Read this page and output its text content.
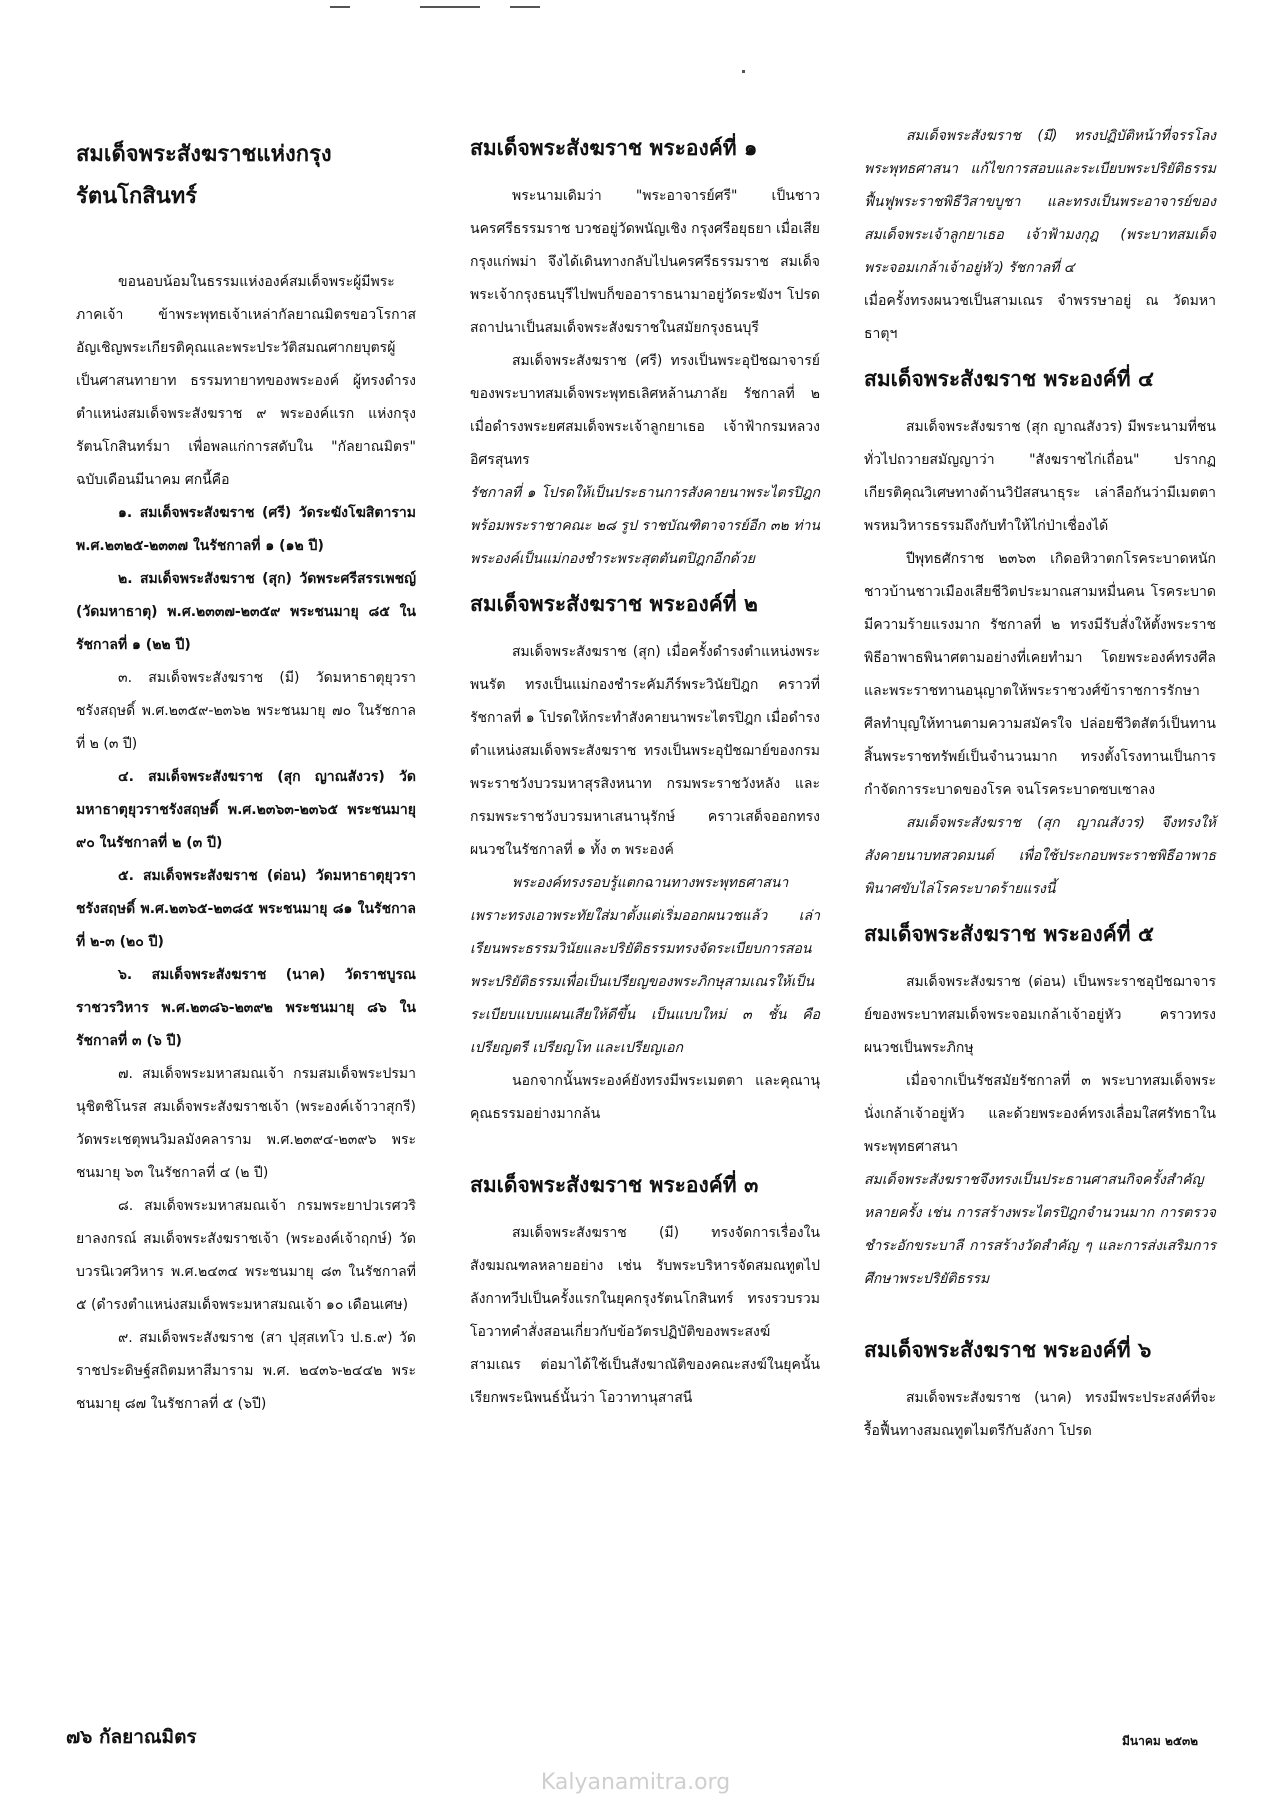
สมเด็จพระสังฆราชแห่งกรุงรัตนโกสินทร์

ขอนอบน้อมในธรรมแห่งองค์สมเด็จพระผู้มีพระภาคเจ้า ข้าพระพุทธเจ้าเหล่ากัลยาณมิตรขอวโรกาสอัญเชิญพระเกียรติคุณและพระประวัติสมณศากยบุตรผู้เป็นศาสนทายาท ธรรมทายาทของพระองค์ ผู้ทรงดำรงตำแหน่งสมเด็จพระสังฆราช ๙ พระองค์แรก แห่งกรุงรัตนโกสินทร์มา เพื่อพลแก่การสดับใน "กัลยาณมิตร" ฉบับเดือนมีนาคม ศกนี้คือ

๑. สมเด็จพระสังฆราช (ศรี) วัดระฆังโฆสิตาราม พ.ศ.๒๓๒๕-๒๓๓๗ ในรัชกาลที่ ๑ (๑๒ ปี)

๒. สมเด็จพระสังฆราช (สุก) วัดพระศรีสรรเพชญ์ (วัดมหาธาตุ) พ.ศ.๒๓๓๗-๒๓๕๙ พระชนมายุ ๘๕ ในรัชกาลที่ ๑ (๒๒ ปี)

๓. สมเด็จพระสังฆราช (มี) วัดมหาธาตุยุวราชรังสฤษดิ์ พ.ศ.๒๓๕๙-๒๓๖๒ พระชนมายุ ๗๐ ในรัชกาลที่ ๒ (๓ ปี)

๔. สมเด็จพระสังฆราช (สุก ญาณสังวร) วัดมหาธาตุยุวราชรังสฤษดิ์ พ.ศ.๒๓๖๓-๒๓๖๕ พระชนมายุ ๙๐ ในรัชกาลที่ ๒ (๓ ปี)

๕. สมเด็จพระสังฆราช (ด่อน) วัดมหาธาตุยุวราชรังสฤษดิ์ พ.ศ.๒๓๖๕-๒๓๘๕ พระชนมายุ ๘๑ ในรัชกาลที่ ๒-๓ (๒๐ ปี)

๖. สมเด็จพระสังฆราช (นาค) วัดราชบูรณราชวรวิหาร พ.ศ.๒๓๘๖-๒๓๙๒ พระชนมายุ ๘๖ ในรัชกาลที่ ๓ (๖ ปี)

๗. สมเด็จพระมหาสมณเจ้า กรมสมเด็จพระปรมานุชิตชิโนรส สมเด็จพระสังฆราชเจ้า (พระองค์เจ้าวาสุกรี) วัดพระเชตุพนวิมลมังคลาราม พ.ศ.๒๓๙๔-๒๓๙๖ พระชนมายุ ๖๓ ในรัชกาลที่ ๔ (๒ ปี)

๘. สมเด็จพระมหาสมณเจ้า กรมพระยาปวเรศวริยาลงกรณ์ สมเด็จพระสังฆราชเจ้า (พระองค์เจ้าฤกษ์) วัดบวรนิเวศวิหาร พ.ศ.๒๔๓๔ พระชนมายุ ๘๓ ในรัชกาลที่ ๕ (ดำรงตำแหน่งสมเด็จพระมหาสมณเจ้า ๑๐ เดือนเศษ)

๙. สมเด็จพระสังฆราช (สา ปุสฺสเทโว ป.ธ.๙) วัดราชประดิษฐ์สถิตมหาสีมาราม พ.ศ. ๒๔๓๖-๒๔๔๒ พระชนมายุ ๘๗ ในรัชกาลที่ ๕ (๖ปี)

สมเด็จพระสังฆราช พระองค์ที่ ๑

พระนามเดิมว่า "พระอาจารย์ศรี" เป็นชาวนครศรีธรรมราช บวชอยู่วัดพนัญเชิง กรุงศรีอยุธยา เมื่อเสียกรุงแก่พม่า จึงได้เดินทางกลับไปนครศรีธรรมราช สมเด็จพระเจ้ากรุงธนบุรีไปพบก็ขออาราธนามาอยู่วัดระฆังฯ โปรดสถาปนาเป็นสมเด็จพระสังฆราชในสมัยกรุงธนบุรี

สมเด็จพระสังฆราช (ศรี) ทรงเป็นพระอุปัชฌาจารย์ ของพระบาทสมเด็จพระพุทธเลิศหล้านภาลัย รัชกาลที่ ๒ เมื่อดำรงพระยศสมเด็จพระเจ้าลูกยาเธอ เจ้าฟ้ากรมหลวงอิศรสุนทร

รัชกาลที่ ๑ โปรดให้เป็นประธานการสังคายนาพระไตรปิฎก พร้อมพระราชาคณะ ๒๘ รูป ราชบัณฑิตาจารย์อีก ๓๒ ท่าน พระองค์เป็นแม่กองชำระพระสุตตันตปิฎกอีกด้วย

สมเด็จพระสังฆราช พระองค์ที่ ๒

สมเด็จพระสังฆราช (สุก) เมื่อครั้งดำรงตำแหน่งพระพนรัต ทรงเป็นแม่กองชำระคัมภีร์พระวินัยปิฎก คราวที่รัชกาลที่ ๑ โปรดให้กระทำสังคายนาพระไตรปิฎก เมื่อดำรงตำแหน่งสมเด็จพระสังฆราช ทรงเป็นพระอุปัชฌาย์ของกรมพระราชวังบวรมหาสุรสิงหนาท กรมพระราชวังหลัง และกรมพระราชวังบวรมหาเสนานุรักษ์ คราวเสด็จออกทรงผนวชในรัชกาลที่ ๑ ทั้ง ๓ พระองค์

พระองค์ทรงรอบรู้แตกฉานทางพระพุทธศาสนา เพราะทรงเอาพระทัยใส่มาตั้งแต่เริ่มออกผนวชแล้ว เล่าเรียนพระธรรมวินัยและปริยัติธรรมทรงจัดระเบียบการสอนพระปริยัติธรรมเพื่อเป็นเปรียญของพระภิกษุสามเณรให้เป็นระเบียบแบบแผนเสียให้ดีขึ้น เป็นแบบใหม่ ๓ ชั้น คือ เปรียญตรี เปรียญโท และเปรียญเอก

นอกจากนั้นพระองค์ยังทรงมีพระเมตตา และคุณานุคุณธรรมอย่างมากล้น

สมเด็จพระสังฆราช พระองค์ที่ ๓

สมเด็จพระสังฆราช (มี) ทรงจัดการเรื่องในสังฆมณฑลหลายอย่าง เช่น รับพระบริหารจัดสมณทูตไปลังกาทวีปเป็นครั้งแรกในยุคกรุงรัตนโกสินทร์ ทรงรวบรวมโอวาทคำสั่งสอนเกี่ยวกับข้อวัตรปฏิบัติของพระสงฆ์สามเณร ต่อมาได้ใช้เป็นสังฆาณัติของคณะสงฆ์ในยุคนั้น เรียกพระนิพนธ์นั้นว่า โอวาทานุสาสนี

สมเด็จพระสังฆราช (มี) ทรงปฏิบัติหน้าที่จรรโลงพระพุทธศาสนา แก้ไขการสอบและระเบียบพระปริยัติธรรม ฟื้นฟูพระราชพิธีวิสาขบูชา และทรงเป็นพระอาจารย์ของสมเด็จพระเจ้าลูกยาเธอ เจ้าฟ้ามงกุฎ (พระบาทสมเด็จพระจอมเกล้าเจ้าอยู่หัว) รัชกาลที่ ๔

เมื่อครั้งทรงผนวชเป็นสามเณร จำพรรษาอยู่ ณ วัดมหาธาตุฯ

สมเด็จพระสังฆราช พระองค์ที่ ๔

สมเด็จพระสังฆราช (สุก ญาณสังวร) มีพระนามที่ชนทั่วไปถวายสมัญญาว่า "สังฆราชไก่เถื่อน" ปรากฏเกียรติคุณวิเศษทางด้านวิปัสสนาธุระ เล่าลือกันว่ามีเมตตาพรหมวิหารธรรมถึงกับทำให้ไก่ป่าเชื่องได้

ปีพุทธศักราช ๒๓๖๓ เกิดอหิวาตกโรคระบาดหนัก ชาวบ้านชาวเมืองเสียชีวิตประมาณสามหมื่นคน โรคระบาดมีความร้ายแรงมาก รัชกาลที่ ๒ ทรงมีรับสั่งให้ตั้งพระราชพิธีอาพาธพินาศตามอย่างที่เคยทำมา โดยพระองค์ทรงศีล และพระราชทานอนุญาตให้พระราชวงศ์ข้าราชการรักษาศีลทำบุญให้ทานตามความสมัครใจ ปล่อยชีวิตสัตว์เป็นทานสิ้นพระราชทรัพย์เป็นจำนวนมาก ทรงตั้งโรงทานเป็นการกำจัดการระบาดของโรค จนโรคระบาดซบเซาลง

สมเด็จพระสังฆราช (สุก ญาณสังวร) จึงทรงให้สังคายนาบทสวดมนต์ เพื่อใช้ประกอบพระราชพิธีอาพาธพินาศขับไล่โรคระบาดร้ายแรงนี้

สมเด็จพระสังฆราช พระองค์ที่ ๕

สมเด็จพระสังฆราช (ด่อน) เป็นพระราชอุปัชฌาจารย์ของพระบาทสมเด็จพระจอมเกล้าเจ้าอยู่หัว คราวทรงผนวชเป็นพระภิกษุ

เมื่อจากเป็นรัชสมัยรัชกาลที่ ๓ พระบาทสมเด็จพระนั่งเกล้าเจ้าอยู่หัว และด้วยพระองค์ทรงเลื่อมใสศรัทธาในพระพุทธศาสนา

สมเด็จพระสังฆราชจึงทรงเป็นประธานศาสนกิจครั้งสำคัญหลายครั้ง เช่น การสร้างพระไตรปิฎกจำนวนมาก การตรวจชำระอักขระบาลี การสร้างวัดสำคัญ ๆ และการส่งเสริมการศึกษาพระปริยัติธรรม

สมเด็จพระสังฆราช พระองค์ที่ ๖

สมเด็จพระสังฆราช (นาค) ทรงมีพระประสงค์ที่จะรื้อฟื้นทางสมณทูตไมตรีกับลังกา โปรด

๗๖ กัลยาณมิตร	มีนาคม ๒๕๓๒
Kalyanamitra.org
